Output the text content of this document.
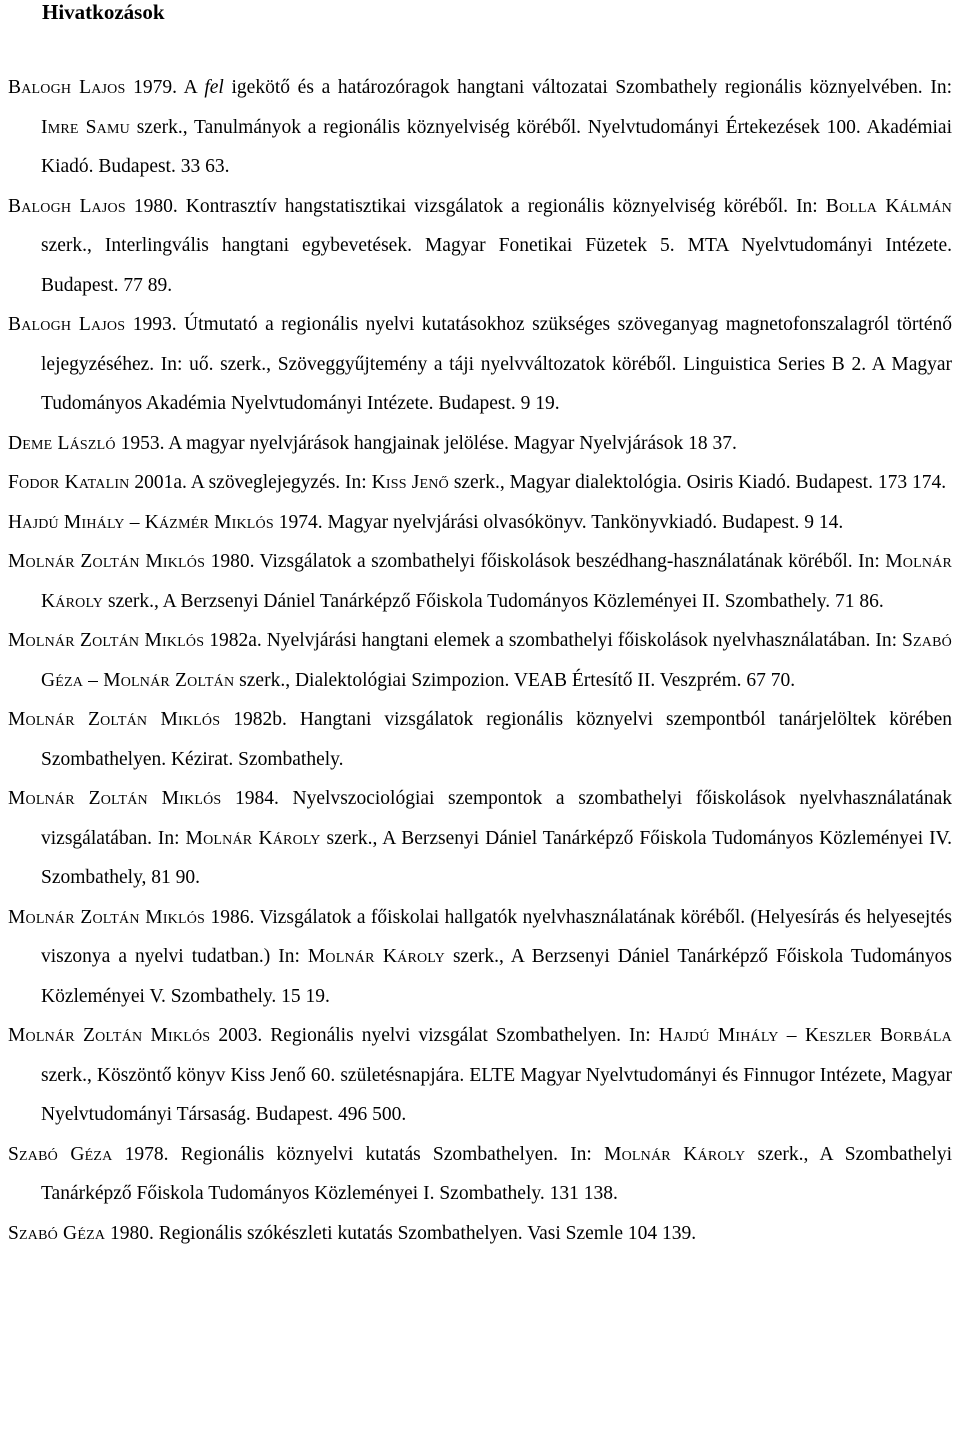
Hivatkozások
Balogh Lajos 1979. A fel igekötő és a határozóragok hangtani változatai Szombathely regionális köznyelvében. In: Imre Samu szerk., Tanulmányok a regionális köznyelviség köréből. Nyelvtudományi Értekezések 100. Akadémiai Kiadó. Budapest. 33 63.
Balogh Lajos 1980. Kontrasztív hangstatisztikai vizsgálatok a regionális köznyelviség köréből. In: Bolla Kálmán szerk., Interlingvális hangtani egybevetések. Magyar Fonetikai Füzetek 5. MTA Nyelvtudományi Intézete. Budapest. 77 89.
Balogh Lajos 1993. Útmutató a regionális nyelvi kutatásokhoz szükséges szöveganyag magnetofonszalagról történő lejegyzéséhez. In: uő. szerk., Szöveggyűjtemény a táji nyelvváltozatok köréből. Linguistica Series B 2. A Magyar Tudományos Akadémia Nyelvtudományi Intézete. Budapest. 9 19.
Deme László 1953. A magyar nyelvjárások hangjainak jelölése. Magyar Nyelvjárások 18 37.
Fodor Katalin 2001a. A szöveglejegyzés. In: Kiss Jenő szerk., Magyar dialektológia. Osiris Kiadó. Budapest. 173 174.
Hajdú Mihály – Kázmér Miklós 1974. Magyar nyelvjárási olvasókönyv. Tankönyvkiadó. Budapest. 9 14.
Molnár Zoltán Miklós 1980. Vizsgálatok a szombathelyi főiskolások beszédhang-használatának köréből. In: Molnár Károly szerk., A Berzsenyi Dániel Tanárképző Főiskola Tudományos Közleményei II. Szombathely. 71 86.
Molnár Zoltán Miklós 1982a. Nyelvjárási hangtani elemek a szombathelyi főiskolások nyelvhasználatában. In: Szabó Géza – Molnár Zoltán szerk., Dialektológiai Szimpozion. VEAB Értesítő II. Veszprém. 67 70.
Molnár Zoltán Miklós 1982b. Hangtani vizsgálatok regionális köznyelvi szempontból tanárjelöltek körében Szombathelyen. Kézirat. Szombathely.
Molnár Zoltán Miklós 1984. Nyelvszociológiai szempontok a szombathelyi főiskolások nyelvhasználatának vizsgálatában. In: Molnár Károly szerk., A Berzsenyi Dániel Tanárképző Főiskola Tudományos Közleményei IV. Szombathely, 81 90.
Molnár Zoltán Miklós 1986. Vizsgálatok a főiskolai hallgatók nyelvhasználatának köréből. (Helyesírás és helyesejtés viszonya a nyelvi tudatban.) In: Molnár Károly szerk., A Berzsenyi Dániel Tanárképző Főiskola Tudományos Közleményei V. Szombathely. 15 19.
Molnár Zoltán Miklós 2003. Regionális nyelvi vizsgálat Szombathelyen. In: Hajdú Mihály – Keszler Borbála szerk., Köszöntő könyv Kiss Jenő 60. születésnapjára. ELTE Magyar Nyelvtudományi és Finnugor Intézete, Magyar Nyelvtudományi Társaság. Budapest. 496 500.
Szabó Géza 1978. Regionális köznyelvi kutatás Szombathelyen. In: Molnár Károly szerk., A Szombathelyi Tanárképző Főiskola Tudományos Közleményei I. Szombathely. 131 138.
Szabó Géza 1980. Regionális szókészleti kutatás Szombathelyen. Vasi Szemle 104 139.
